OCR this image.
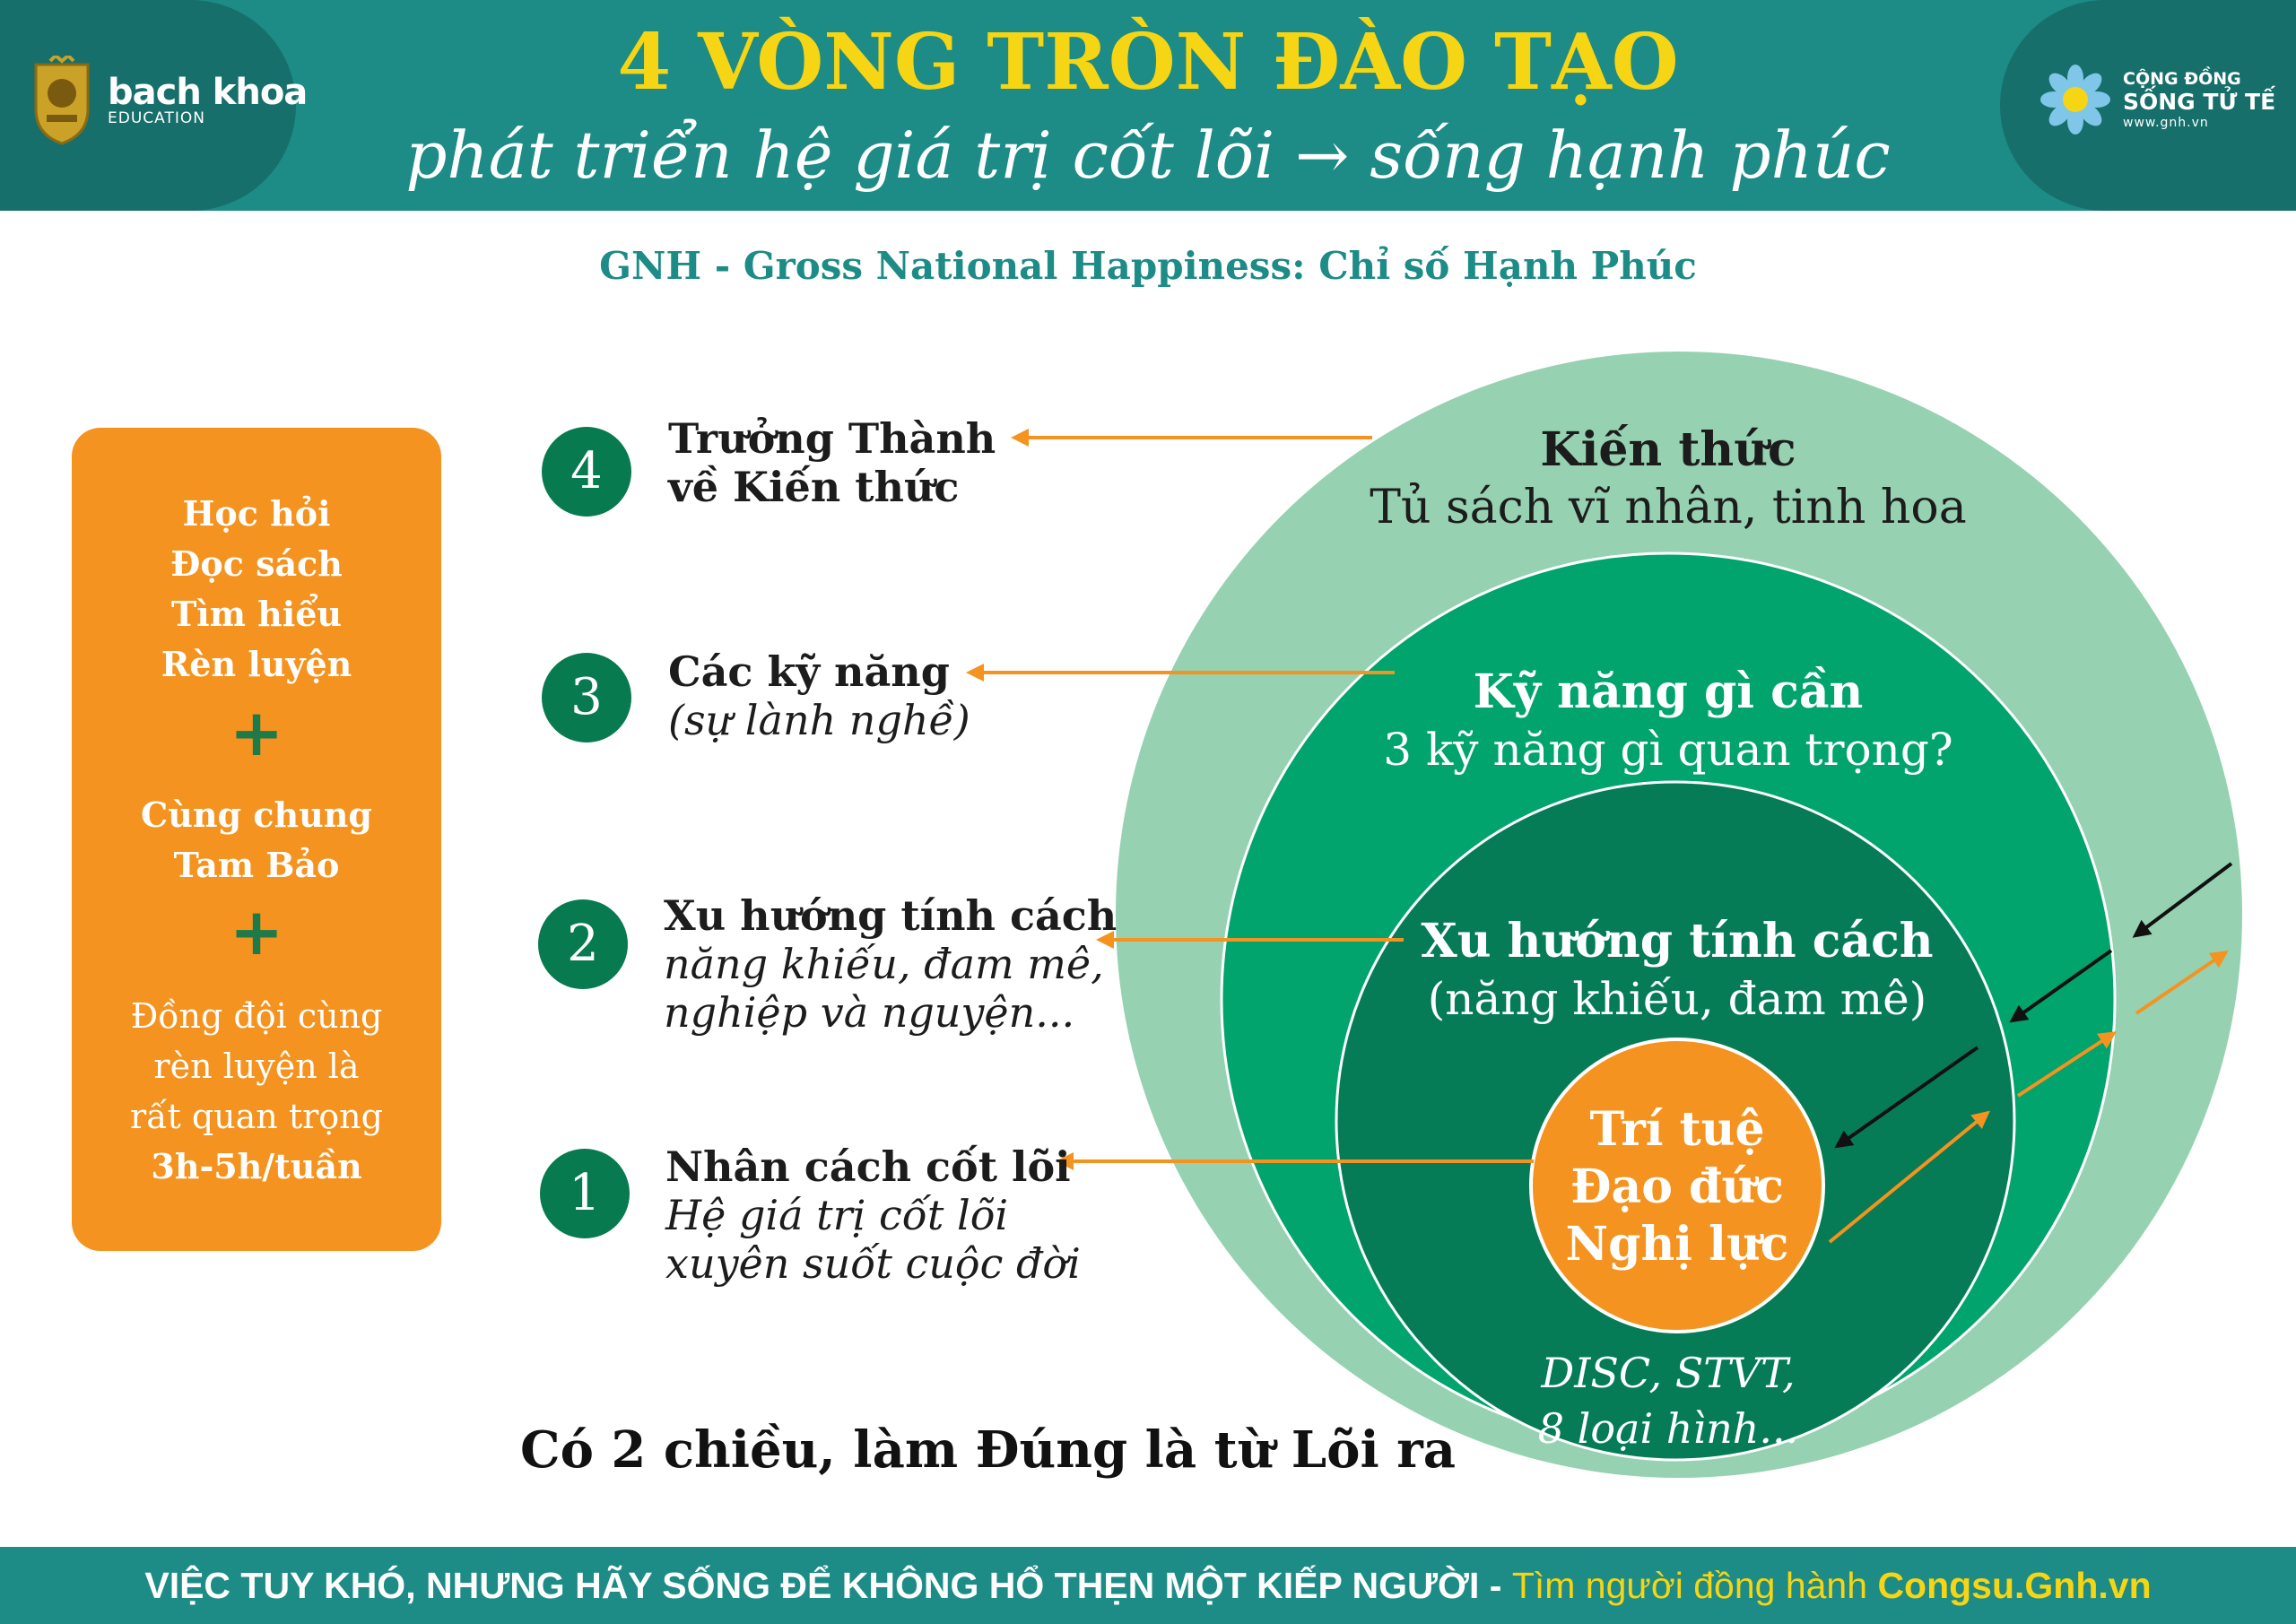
bach khoa
EDUCATION
CỘNG ĐỒNG
SỐNG TỬ TẾ
www.gnh.vn
4 VÒNG TRÒN ĐÀO TẠO
phát triển hệ giá trị cốt lõi → sống hạnh phúc
GNH - Gross National Happiness: Chỉ số Hạnh Phúc
Học hỏi
Đọc sách
Tìm hiểu
Rèn luyện
+
Cùng chung
Tam Bảo
+
Đồng đội cùng
rèn luyện là
rất quan trọng
3h-5h/tuần
Kiến thức
Tủ sách vĩ nhân, tinh hoa
Kỹ năng gì cần
3 kỹ năng gì quan trọng?
Xu hướng tính cách
(năng khiếu, đam mê)
Trí tuệ
Đạo đức
Nghị lực
DISC, STVT,
8 loại hình...
4
Trưởng Thành
về Kiến thức
3	Các kỹ năng
(sự lành nghề)
2	Xu hướng tính cách
năng khiếu, đam mê,
nghiệp và nguyện...
1	Nhân cách cốt lõi
Hệ giá trị cốt lõi
xuyên suốt cuộc đời
Có 2 chiều, làm Đúng là từ Lõi ra
VIỆC TUY KHÓ, NHƯNG HÃY SỐNG ĐỂ KHÔNG HỔ THẸN MỘT KIẾP NGƯỜI - Tìm người đồng hành Congsu.Gnh.vn
